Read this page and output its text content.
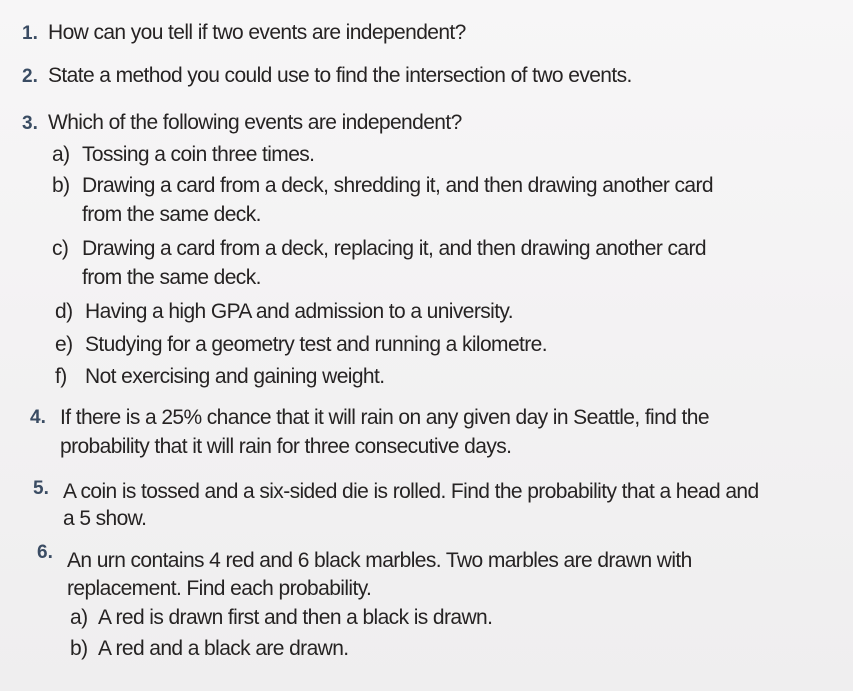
1. How can you tell if two events are independent?
2. State a method you could use to find the intersection of two events.
3. Which of the following events are independent?
a) Tossing a coin three times.
b) Drawing a card from a deck, shredding it, and then drawing another card
from the same deck.
c) Drawing a card from a deck, replacing it, and then drawing another card
from the same deck.
d) Having a high GPA and admission to a university.
e) Studying for a geometry test and running a kilometre.
f) Not exercising and gaining weight.
4. If there is a 25% chance that it will rain on any given day in Seattle, find the
probability that it will rain for three consecutive days.
5. A coin is tossed and a six-sided die is rolled. Find the probability that a head and
a 5 show.
6. An urn contains 4 red and 6 black marbles. Two marbles are drawn with
replacement. Find each probability.
a) A red is drawn first and then a black is drawn.
b) A red and a black are drawn.
